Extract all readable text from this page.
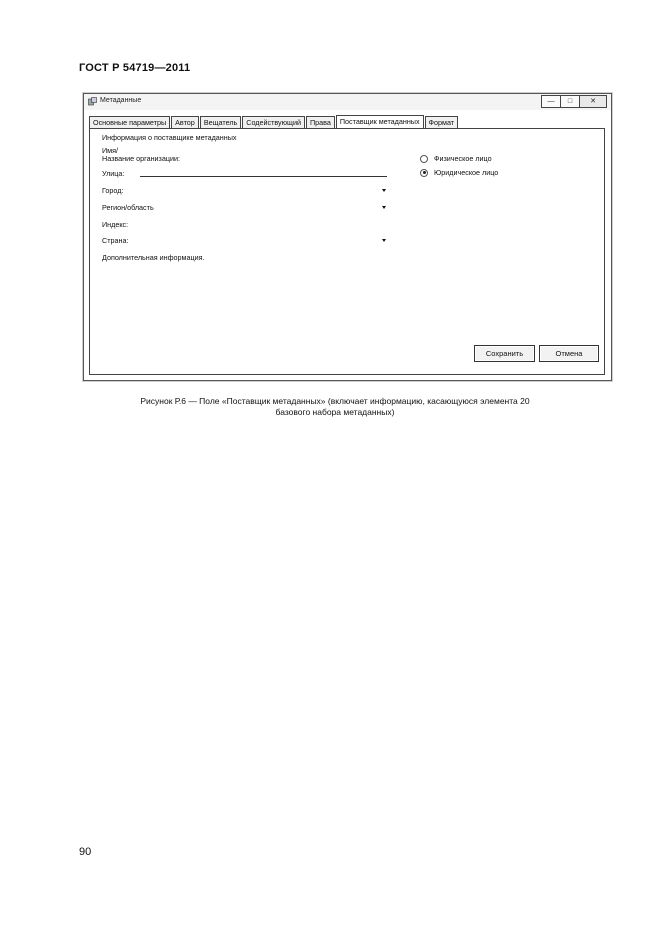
ГОСТ Р 54719—2011
Метаданные	—	□	✕
Основные параметры	Автор	Вещатель	Содействующий	Права	Поставщик метаданных	Формат
Информация о поставщике метаданных
Имя/
Название организации:
Улица:
Город:
Регион/область
Индекс:
Страна:
Дополнительная информация.
Физическое лицо
Юридическое лицо
Сохранить	Отмена
Рисунок Р.6 — Поле «Поставщик метаданных» (включает информацию, касающуюся элемента 20
базового набора метаданных)
90
